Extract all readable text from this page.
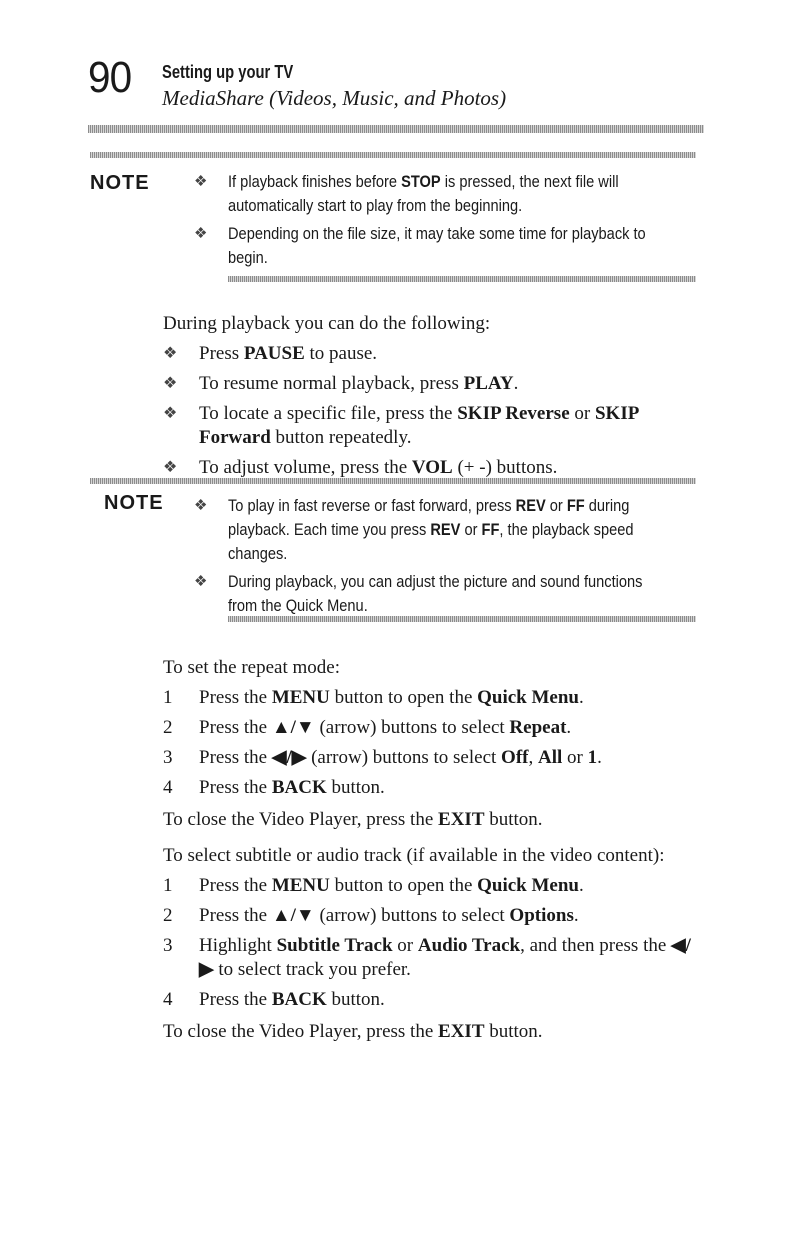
90 Setting up your TV
MediaShare (Videos, Music, and Photos)
NOTE	❖ If playback finishes before STOP is pressed, the next file will automatically start to play from the beginning.
❖ Depending on the file size, it may take some time for playback to begin.
During playback you can do the following:
❖ Press PAUSE to pause.
❖ To resume normal playback, press PLAY.
❖ To locate a specific file, press the SKIP Reverse or SKIP Forward button repeatedly.
❖ To adjust volume, press the VOL (+ -) buttons.
NOTE ❖ To play in fast reverse or fast forward, press REV or FF during playback. Each time you press REV or FF, the playback speed changes.
❖ During playback, you can adjust the picture and sound functions from the Quick Menu.
To set the repeat mode:
1 Press the MENU button to open the Quick Menu.
2 Press the ▲/▼ (arrow) buttons to select Repeat.
3 Press the ◀/▶ (arrow) buttons to select Off, All or 1.
4 Press the BACK button.
To close the Video Player, press the EXIT button.
To select subtitle or audio track (if available in the video content):
1 Press the MENU button to open the Quick Menu.
2 Press the ▲/▼ (arrow) buttons to select Options.
3 Highlight Subtitle Track or Audio Track, and then press the ◀/▶ to select track you prefer.
4 Press the BACK button.
To close the Video Player, press the EXIT button.
